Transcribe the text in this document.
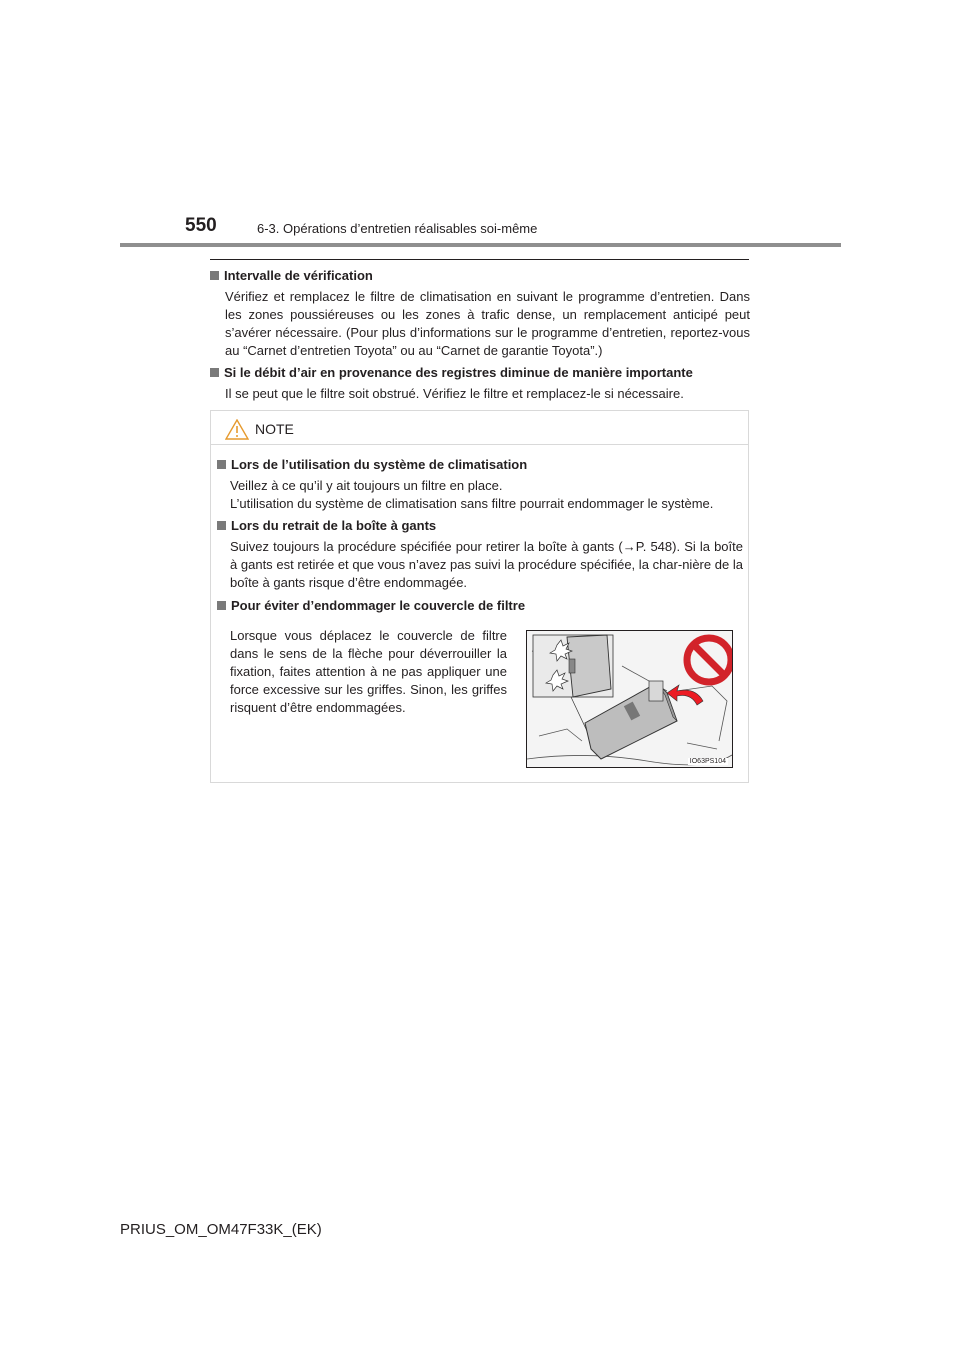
550	6-3. Opérations d’entretien réalisables soi-même
Intervalle de vérification
Vérifiez et remplacez le filtre de climatisation en suivant le programme d’entretien. Dans les zones poussiéreuses ou les zones à trafic dense, un remplacement anticipé peut s’avérer nécessaire. (Pour plus d’informations sur le programme d’entretien, reportez-vous au “Carnet d’entretien Toyota” ou au “Carnet de garantie Toyota”.)
Si le débit d’air en provenance des registres diminue de manière importante
Il se peut que le filtre soit obstrué. Vérifiez le filtre et remplacez-le si nécessaire.
NOTE
Lors de l’utilisation du système de climatisation
Veillez à ce qu’il y ait toujours un filtre en place.
L’utilisation du système de climatisation sans filtre pourrait endommager le système.
Lors du retrait de la boîte à gants
Suivez toujours la procédure spécifiée pour retirer la boîte à gants (→P. 548). Si la boîte à gants est retirée et que vous n’avez pas suivi la procédure spécifiée, la char-nière de la boîte à gants risque d’être endommagée.
Pour éviter d’endommager le couvercle de filtre
Lorsque vous déplacez le couvercle de filtre dans le sens de la flèche pour déverrouiller la fixation, faites attention à ne pas appliquer une force excessive sur les griffes. Sinon, les griffes risquent d’être endommagées.
IO63PS104
PRIUS_OM_OM47F33K_(EK)
